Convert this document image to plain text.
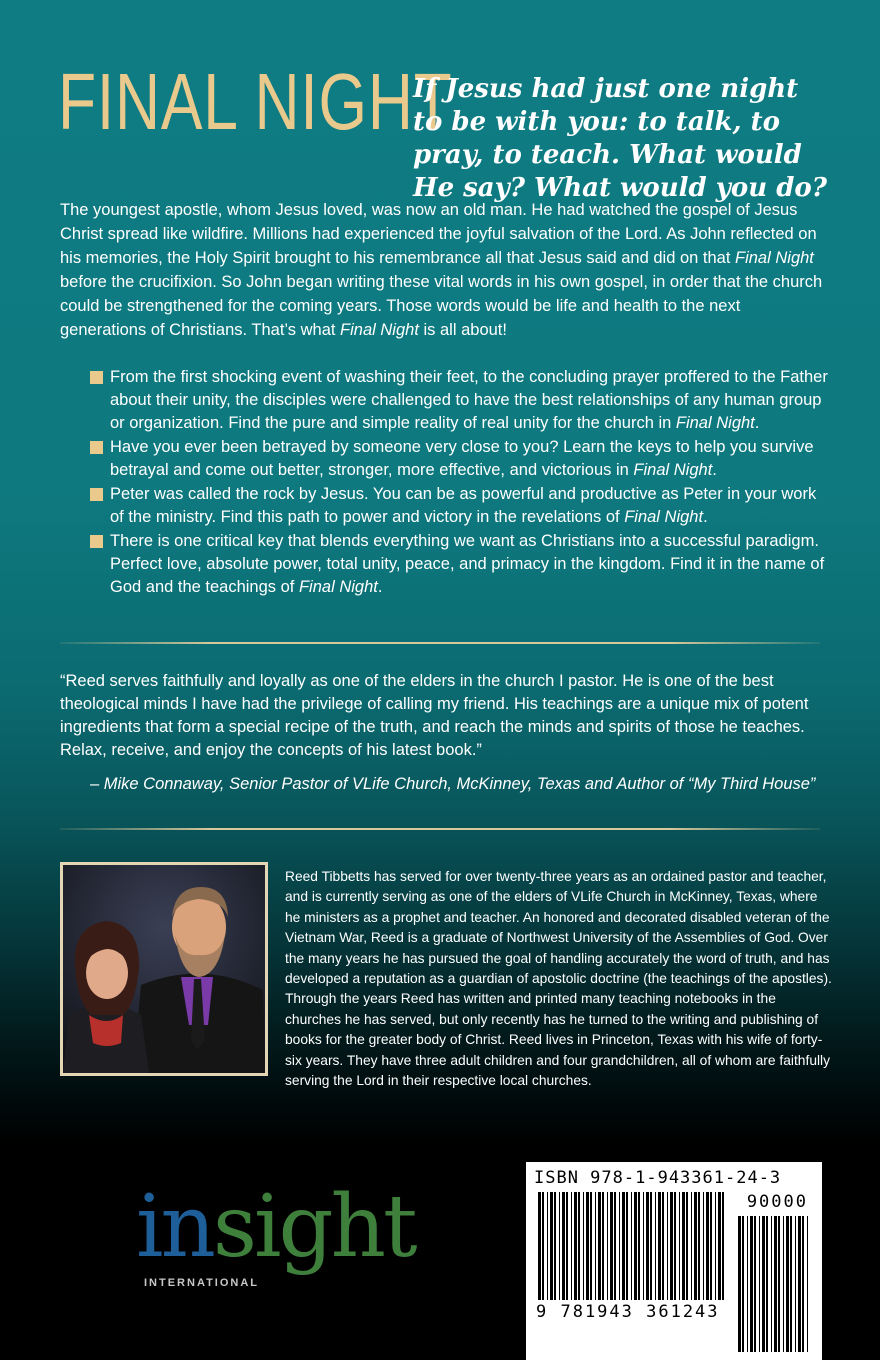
FINAL NIGHT
If Jesus had just one night to be with you: to talk, to pray, to teach. What would He say? What would you do?
The youngest apostle, whom Jesus loved, was now an old man. He had watched the gospel of Jesus Christ spread like wildfire. Millions had experienced the joyful salvation of the Lord. As John reflected on his memories, the Holy Spirit brought to his remembrance all that Jesus said and did on that Final Night before the crucifixion. So John began writing these vital words in his own gospel, in order that the church could be strengthened for the coming years. Those words would be life and health to the next generations of Christians. That’s what Final Night is all about!
From the first shocking event of washing their feet, to the concluding prayer proffered to the Father about their unity, the disciples were challenged to have the best relationships of any human group or organization. Find the pure and simple reality of real unity for the church in Final Night.
Have you ever been betrayed by someone very close to you? Learn the keys to help you survive betrayal and come out better, stronger, more effective, and victorious in Final Night.
Peter was called the rock by Jesus. You can be as powerful and productive as Peter in your work of the ministry. Find this path to power and victory in the revelations of Final Night.
There is one critical key that blends everything we want as Christians into a successful paradigm. Perfect love, absolute power, total unity, peace, and primacy in the kingdom. Find it in the name of God and the teachings of Final Night.
“Reed serves faithfully and loyally as one of the elders in the church I pastor. He is one of the best theological minds I have had the privilege of calling my friend. His teachings are a unique mix of potent ingredients that form a special recipe of the truth, and reach the minds and spirits of those he teaches. Relax, receive, and enjoy the concepts of his latest book.”
– Mike Connaway, Senior Pastor of VLife Church, McKinney, Texas and Author of “My Third House”
Reed Tibbetts has served for over twenty-three years as an ordained pastor and teacher, and is currently serving as one of the elders of VLife Church in McKinney, Texas, where he ministers as a prophet and teacher. An honored and decorated disabled veteran of the Vietnam War, Reed is a graduate of Northwest University of the Assemblies of God. Over the many years he has pursued the goal of handling accurately the word of truth, and has developed a reputation as a guardian of apostolic doctrine (the teachings of the apostles). Through the years Reed has written and printed many teaching notebooks in the churches he has served, but only recently has he turned to the writing and publishing of books for the greater body of Christ. Reed lives in Princeton, Texas with his wife of forty-six years. They have three adult children and four grandchildren, all of whom are faithfully serving the Lord in their respective local churches.
insight
INTERNATIONAL
ISBN 978-1-943361-24-3
90000
9 781943 361243
